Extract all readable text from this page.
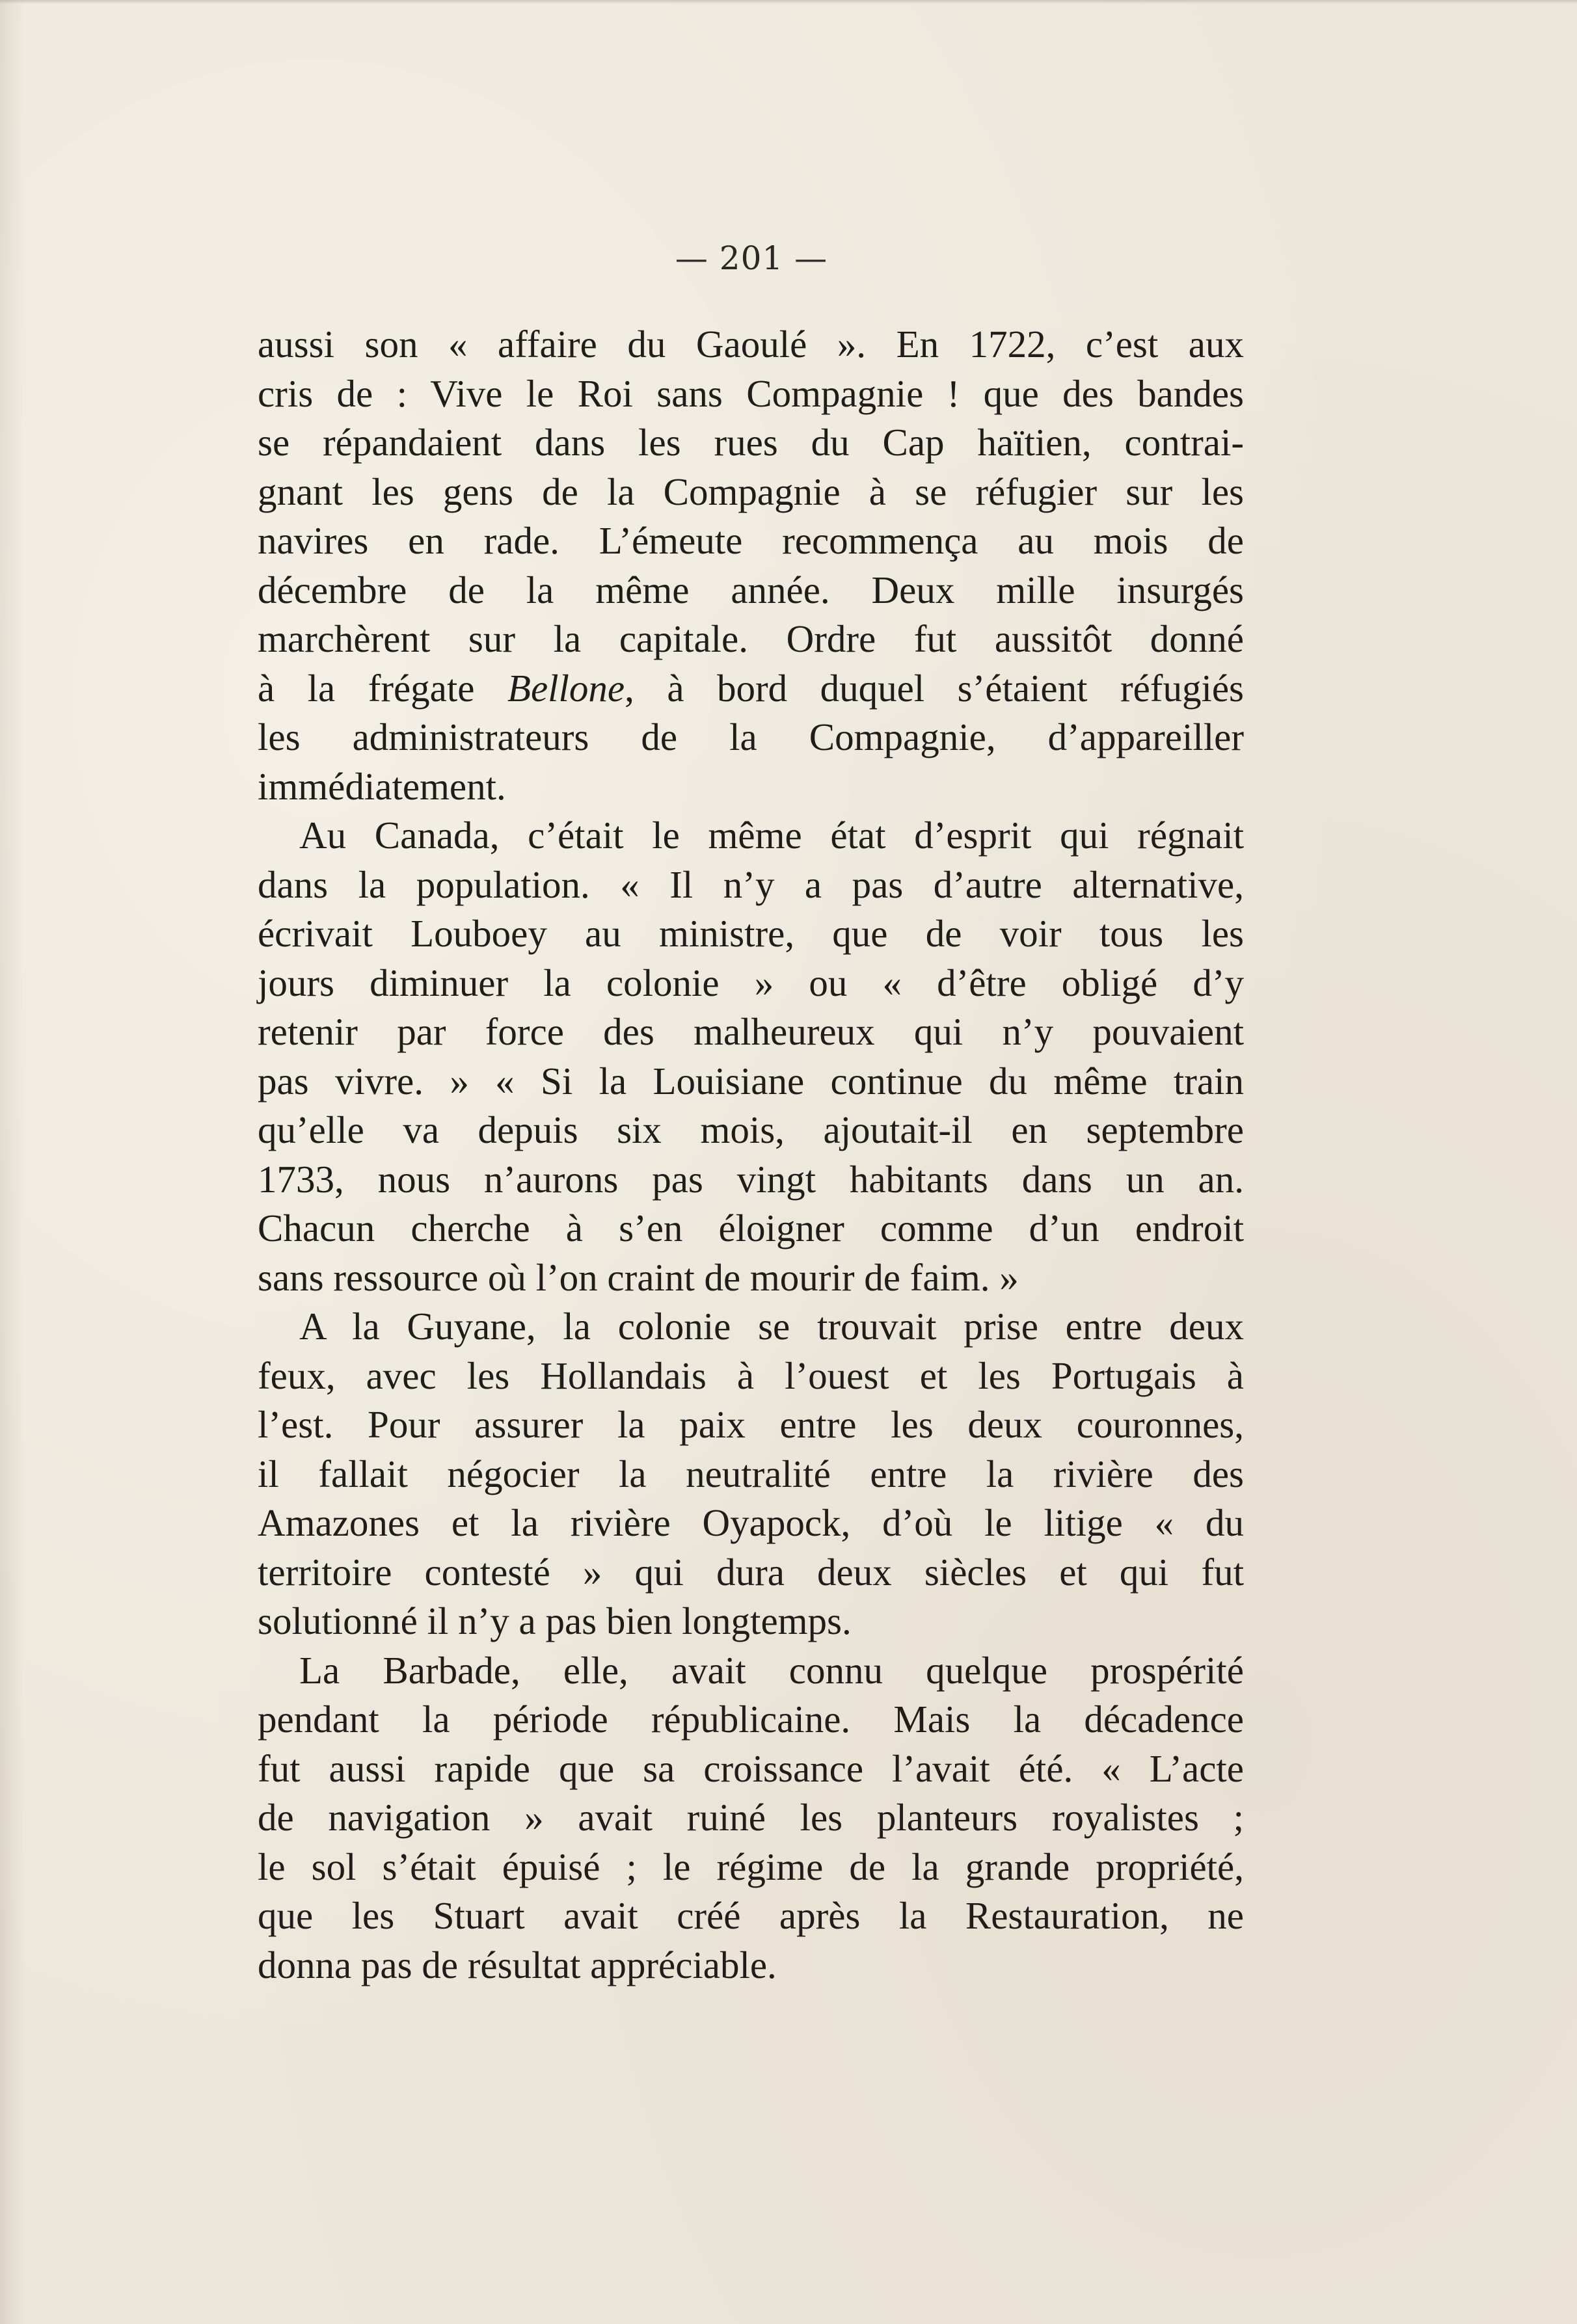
— 201 —

aussi son « affaire du Gaoulé ». En 1722, c’est aux
cris de : Vive le Roi sans Compagnie ! que des bandes
se répandaient dans les rues du Cap haïtien, contrai-
gnant les gens de la Compagnie à se réfugier sur les
navires en rade. L’émeute recommença au mois de
décembre de la même année. Deux mille insurgés
marchèrent sur la capitale. Ordre fut aussitôt donné
à la frégate Bellone, à bord duquel s’étaient réfugiés
les administrateurs de la Compagnie, d’appareiller
immédiatement.

Au Canada, c’était le même état d’esprit qui régnait
dans la population. « Il n’y a pas d’autre alternative,
écrivait Louboey au ministre, que de voir tous les
jours diminuer la colonie » ou « d’être obligé d’y
retenir par force des malheureux qui n’y pouvaient
pas vivre. » « Si la Louisiane continue du même train
qu’elle va depuis six mois, ajoutait-il en septembre
1733, nous n’aurons pas vingt habitants dans un an.
Chacun cherche à s’en éloigner comme d’un endroit
sans ressource où l’on craint de mourir de faim. »

A la Guyane, la colonie se trouvait prise entre deux
feux, avec les Hollandais à l’ouest et les Portugais à
l’est. Pour assurer la paix entre les deux couronnes,
il fallait négocier la neutralité entre la rivière des
Amazones et la rivière Oyapock, d’où le litige « du
territoire contesté » qui dura deux siècles et qui fut
solutionné il n’y a pas bien longtemps.

La Barbade, elle, avait connu quelque prospérité
pendant la période républicaine. Mais la décadence
fut aussi rapide que sa croissance l’avait été. « L’acte
de navigation » avait ruiné les planteurs royalistes ;
le sol s’était épuisé ; le régime de la grande propriété,
que les Stuart avait créé après la Restauration, ne
donna pas de résultat appréciable.
